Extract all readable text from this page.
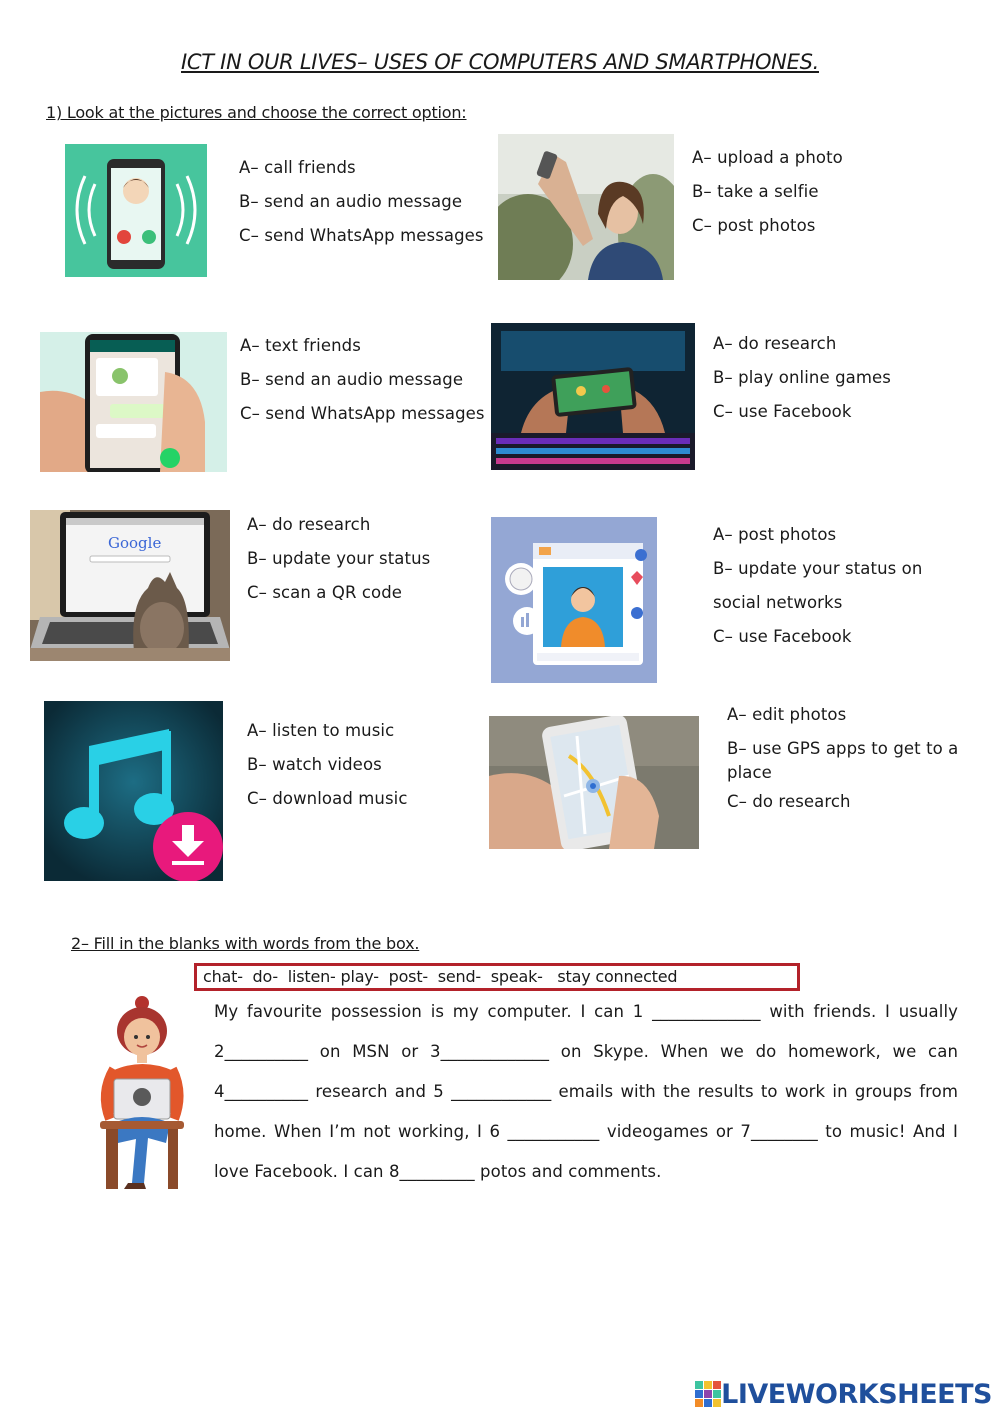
ICT IN OUR LIVES– USES OF COMPUTERS AND SMARTPHONES.
1) Look at the pictures and choose the correct option:
A– call friends
B– send an audio message
C– send WhatsApp messages
A– upload a photo
B– take a selfie
C– post photos
A– text friends
B– send an audio message
C– send WhatsApp messages
A– do research
B– play online games
C– use Facebook
Google
A– do research
B– update your status
C– scan a QR code
A– post photos
B– update your status on
social networks
C– use Facebook
A– listen to music
B– watch videos
C– download music
A– edit photos
B– use GPS apps to get to a
place
C– do research
2– Fill in the blanks with words from the box.
chat-  do-  listen- play-  post-  send-  speak-   stay connected
My favourite possession is my computer. I can 1 _____________ with friends. I usually 2__________ on MSN or 3_____________ on Skype. When we do homework, we can 4__________ research and 5 ____________ emails with the results to work in groups from home. When I’m not working, I 6 ___________ videogames or 7________ to music! And I love Facebook. I can 8_________ potos and comments.
LIVEWORKSHEETS
